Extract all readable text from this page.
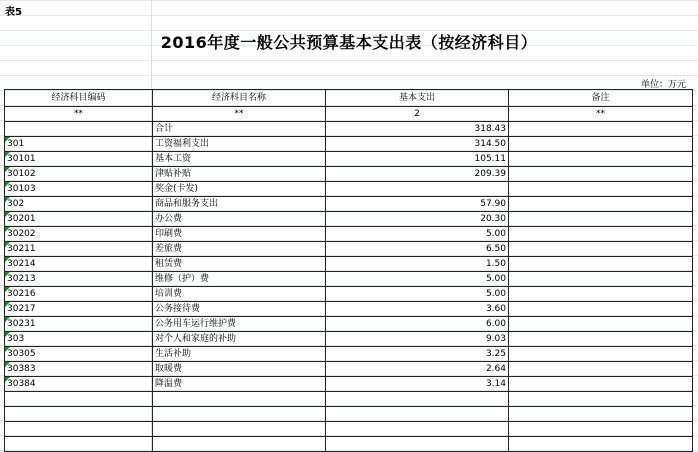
表5
2016年度一般公共预算基本支出表（按经济科目）
单位：万元
经济科目编码	经济科目名称	基本支出	备注
**	**	2	**
	合计	318.43	
301	工资福利支出	314.50	
30101	基本工资	105.11	
30102	津贴补贴	209.39	
30103	奖金(卡发)		
302	商品和服务支出	57.90	
30201	办公费	20.30	
30202	印刷费	5.00	
30211	差旅费	6.50	
30214	租赁费	1.50	
30213	维修（护）费	5.00	
30216	培训费	5.00	
30217	公务接待费	3.60	
30231	公务用车运行维护费	6.00	
303	对个人和家庭的补助	9.03	
30305	生活补助	3.25	
30383	取暖费	2.64	
30384	降温费	3.14	
